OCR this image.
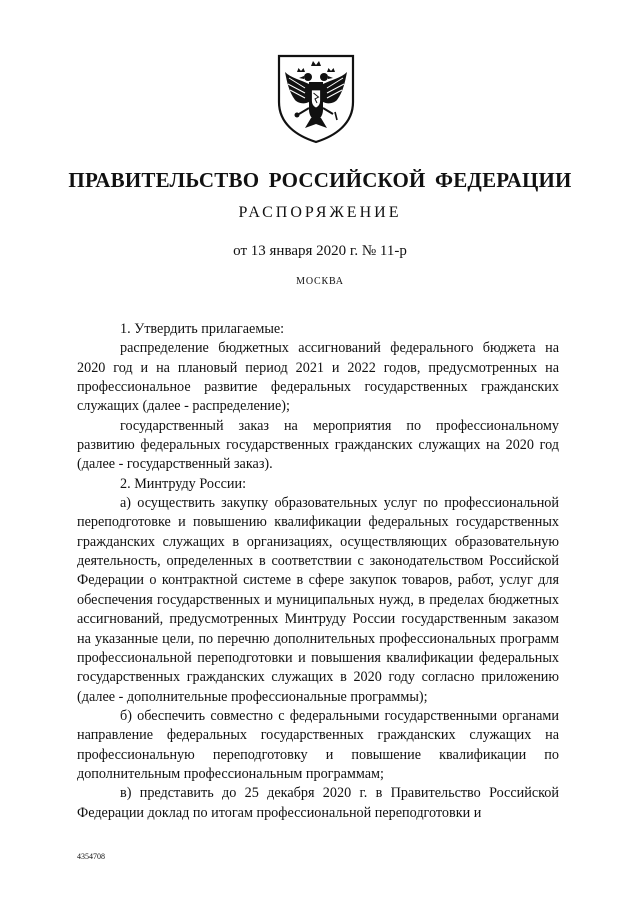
ПРАВИТЕЛЬСТВО РОССИЙСКОЙ ФЕДЕРАЦИИ

РАСПОРЯЖЕНИЕ

от 13 января 2020 г. № 11-р

МОСКВА

1. Утвердить прилагаемые:

распределение бюджетных ассигнований федерального бюджета на 2020 год и на плановый период 2021 и 2022 годов, предусмотренных на профессиональное развитие федеральных государственных гражданских служащих (далее - распределение);

государственный заказ на мероприятия по профессиональному развитию федеральных государственных гражданских служащих на 2020 год (далее - государственный заказ).

2. Минтруду России:

а) осуществить закупку образовательных услуг по профессиональной переподготовке и повышению квалификации федеральных государственных гражданских служащих в организациях, осуществляющих образовательную деятельность, определенных в соответствии с законодательством Российской Федерации о контрактной системе в сфере закупок товаров, работ, услуг для обеспечения государственных и муниципальных нужд, в пределах бюджетных ассигнований, предусмотренных Минтруду России государственным заказом на указанные цели, по перечню дополнительных профессиональных программ профессиональной переподготовки и повышения квалификации федеральных государственных гражданских служащих в 2020 году согласно приложению (далее - дополнительные профессиональные программы);

б) обеспечить совместно с федеральными государственными органами направление федеральных государственных гражданских служащих на профессиональную переподготовку и повышение квалификации по дополнительным профессиональным программам;

в) представить до 25 декабря 2020 г. в Правительство Российской Федерации доклад по итогам профессиональной переподготовки и

4354708
